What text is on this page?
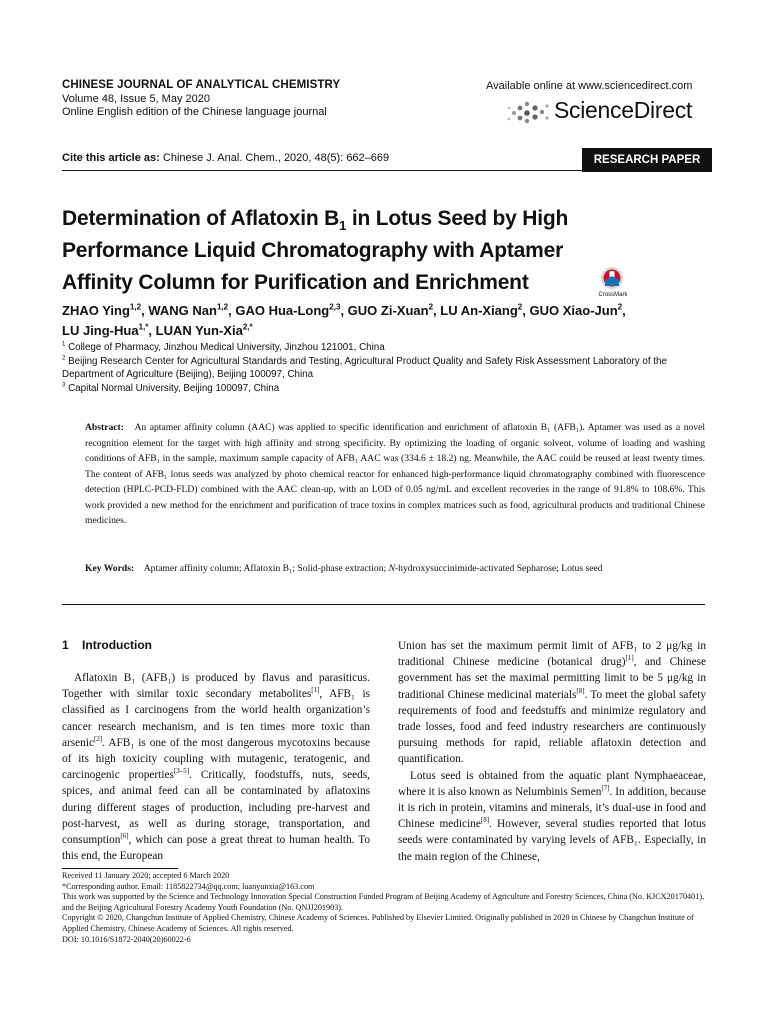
CHINESE JOURNAL OF ANALYTICAL CHEMISTRY
Volume 48, Issue 5, May 2020
Online English edition of the Chinese language journal
Available online at www.sciencedirect.com
ScienceDirect
Cite this article as: Chinese J. Anal. Chem., 2020, 48(5): 662–669	RESEARCH PAPER
Determination of Aflatoxin $B_1$ in Lotus Seed by High
Performance Liquid Chromatography with Aptamer
Affinity Column for Purification and Enrichment
CrossMark
ZHAO Ying$^{1,2}$, WANG Nan$^{1,2}$, GAO Hua-Long$^{2,3}$, GUO Zi-Xuan$^2$, LU An-Xiang$^2$, GUO Xiao-Jun$^2$,
LU Jing-Hua$^{1,*}$, LUAN Yun-Xia$^{2,*}$
$^1$ College of Pharmacy, Jinzhou Medical University, Jinzhou 121001, China
$^2$ Beijing Research Center for Agricultural Standards and Testing, Agricultural Product Quality and Safety Risk Assessment Laboratory of the Department of Agriculture (Beijing), Beijing 100097, China
$^3$ Capital Normal University, Beijing 100097, China
Abstract: An aptamer affinity column (AAC) was applied to specific identification and enrichment of aflatoxin B₁ (AFB₁). Aptamer was used as a novel recognition element for the target with high affinity and strong specificity. By optimizing the loading of organic solvent, volume of loading and washing conditions of AFB₁ in the sample, maximum sample capacity of AFB₁ AAC was (334.6 ± 18.2) ng. Meanwhile, the AAC could be reused at least twenty times. The content of AFB₁ lotus seeds was analyzed by photo chemical reactor for enhanced high-performance liquid chromatography combined with fluorescence detection (HPLC-PCD-FLD) combined with the AAC clean-up, with an LOD of 0.05 ng/mL and excellent recoveries in the range of 91.8% to 108.6%. This work provided a new method for the enrichment and purification of trace toxins in complex matrices such as food, agricultural products and traditional Chinese medicines.
Key Words: Aptamer affinity column; Aflatoxin B₁; Solid-phase extraction; N-hydroxysuccinimide-activated Sepharose; Lotus seed
1 Introduction

Aflatoxin B₁ (AFB₁) is produced by flavus and parasiticus. Together with similar toxic secondary metabolites[1], AFB₁ is classified as I carcinogens from the world health organization’s cancer research mechanism, and is ten times more toxic than arsenic[2]. AFB₁ is one of the most dangerous mycotoxins because of its high toxicity coupling with mutagenic, teratogenic, and carcinogenic properties[3–5]. Critically, foodstuffs, nuts, seeds, spices, and animal feed can all be contaminated by aflatoxins during different stages of production, including pre-harvest and post-harvest, as well as during storage, transportation, and consumption[6], which can pose a great threat to human health. To this end, the European

Union has set the maximum permit limit of AFB₁ to 2 μg/kg in traditional Chinese medicine (botanical drug)[1], and Chinese government has set the maximal permitting limit to be 5 μg/kg in traditional Chinese medicinal materials[8]. To meet the global safety requirements of food and feedstuffs and minimize regulatory and trade losses, food and feed industry researchers are continuously pursuing methods for rapid, reliable aflatoxin detection and quantification.

Lotus seed is obtained from the aquatic plant Nymphaeaceae, where it is also known as Nelumbinis Semen[7]. In addition, because it is rich in protein, vitamins and minerals, it’s dual-use in food and Chinese medicine[8]. However, several studies reported that lotus seeds were contaminated by varying levels of AFB₁. Especially, in the main region of the Chinese,

Received 11 January 2020; accepted 6 March 2020
*Corresponding author. Email: 1185822734@qq.com; luanyunxia@163.com
This work was supported by the Science and Technology Innovation Special Construction Funded Program of Beijing Academy of Agriculture and Forestry Sciences, China (No. KJCX20170401), and the Beijing Agricultural Forestry Academy Youth Foundation (No. QNJJ201903).
Copyright © 2020, Changchun Institute of Applied Chemistry, Chinese Academy of Sciences. Published by Elsevier Limited. Originally published in 2020 in Chinese by Changchun Institute of Applied Chemistry, Chinese Academy of Sciences. All rights reserved.
DOI: 10.1016/S1872-2040(20)60022-6
